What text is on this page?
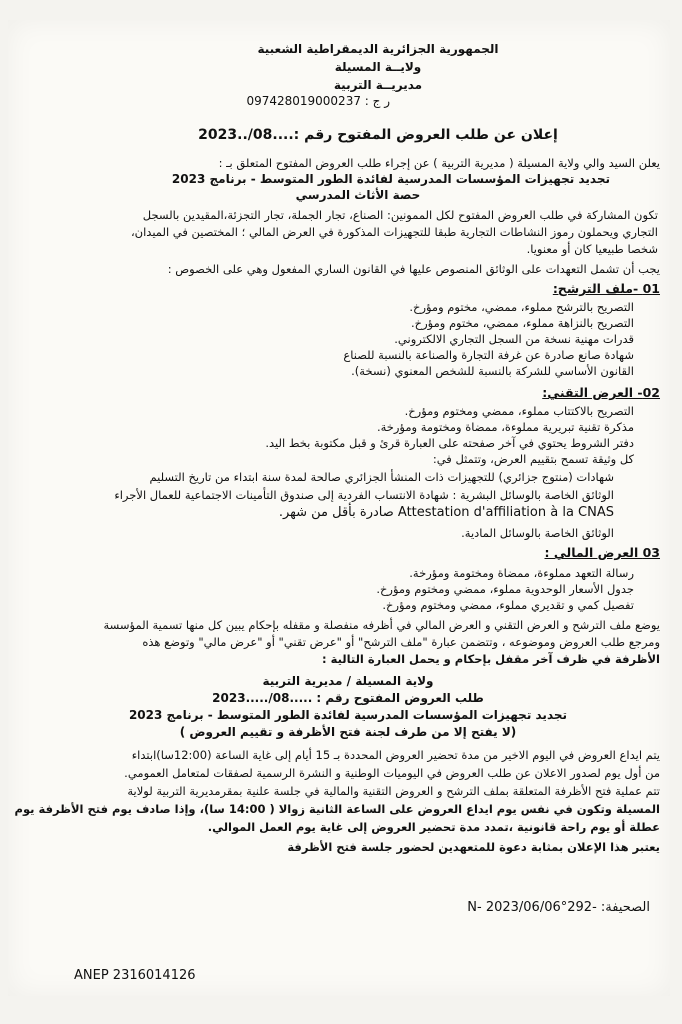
الجمهورية الجزائرية الديمقراطية الشعبية
ولايــة المسيلة
مديريــة التربية
ر ج : 097428019000237
إعلان عن طلب العروض المفتوح رقم :....08/..2023
يعلن السيد والي ولاية المسيلة ( مديرية التربية ) عن إجراء طلب العروض المفتوح المتعلق بـ :
تجديد تجهيزات المؤسسات المدرسية لفائدة الطور المتوسط - برنامج 2023
حصة الأثاث المدرسي
تكون المشاركة في طلب العروض المفتوح لكل الممونين: الصناع، تجار الجملة، تجار التجزئة،المقيدين بالسجل
التجاري ويحملون رموز النشاطات التجارية طبقا للتجهيزات المذكورة في العرض المالي ؛ المختصين في الميدان،
شخصا طبيعيا كان أو معنويا.
يجب أن تشمل التعهدات على الوثائق المنصوص عليها في القانون الساري المفعول وهي على الخصوص :
01 -ملف الترشح:
التصريح بالترشح مملوء، ممضي، مختوم ومؤرخ.
التصريح بالنزاهة مملوء، ممضي، مختوم ومؤرخ.
قدرات مهنية نسخة من السجل التجاري الالكتروني.
شهادة صانع صادرة عن غرفة التجارة والصناعة بالنسبة للصناع
القانون الأساسي للشركة بالنسبة للشخص المعنوي (نسخة).
02- العرض التقني:
التصريح بالاكتتاب مملوء، ممضي ومختوم ومؤرخ.
مذكرة تقنية تبريرية مملوءة، ممضاة ومختومة ومؤرخة.
دفتر الشروط يحتوي في آخر صفحته على العبارة قرئ و قبل مكتوبة بخط اليد.
كل وثيقة تسمح بتقييم العرض، وتتمثل في:
شهادات (منتوج جزائري) للتجهيزات ذات المنشأ الجزائري صالحة لمدة سنة ابتداء من تاريخ التسليم
الوثائق الخاصة بالوسائل البشرية : شهادة الانتساب الفردية إلى صندوق التأمينات الاجتماعية للعمال الأجراء
Attestation d'affiliation à la CNAS صادرة بأقل من شهر.
الوثائق الخاصة بالوسائل المادية.
03 العرض المالي :
رسالة التعهد مملوءة، ممضاة ومختومة ومؤرخة.
جدول الأسعار الوحدوية مملوء، ممضي ومختوم ومؤرخ.
تفصيل كمي و تقديري مملوء، ممضي ومختوم ومؤرخ.
يوضع ملف الترشح و العرض التقني و العرض المالي في أظرفه منفصلة و مقفله بإحكام يبين كل منها تسمية المؤسسة
ومرجع طلب العروض وموضوعه ، وتتضمن عبارة "ملف الترشح" أو "عرض تقني" أو "عرض مالي" وتوضع هذه
الأظرفة في ظرف آخر مقفل بإحكام و يحمل العبارة التالية :
ولاية المسيلة / مديرية التربية
طلب العروض المفتوح رقم : .....08/.....2023
تجديد تجهيزات المؤسسات المدرسية لفائدة الطور المتوسط - برنامج 2023
(لا يفتح إلا من طرف لجنة فتح الأظرفة و تقييم العروض )
يتم ايداع العروض في اليوم الاخير من مدة تحضير العروض المحددة بـ 15 أيام إلى غاية الساعة (12:00سا)ابتداء
من أول يوم لصدور الاعلان عن طلب العروض في اليوميات الوطنية و النشرة الرسمية لصفقات لمتعامل العمومي.
تتم عملية فتح الأظرفة المتعلقة بملف الترشح و العروض التقنية والمالية في جلسة علنية بمقرمديرية التربية لولاية
المسيلة وتكون في نفس يوم ايداع العروض على الساعة الثانية زوالا ( 14:00 سا)، وإذا صادف يوم فتح الأظرفة يوم
عطلة أو يوم راحة قانونية ،تمدد مدة تحضير العروض إلى غاية يوم العمل الموالي.
يعتبر هذا الإعلان بمثابة دعوة للمتعهدين لحضور جلسة فتح الأظرفة
الصحيفة: -292°N- 2023/06/06
ANEP 2316014126
